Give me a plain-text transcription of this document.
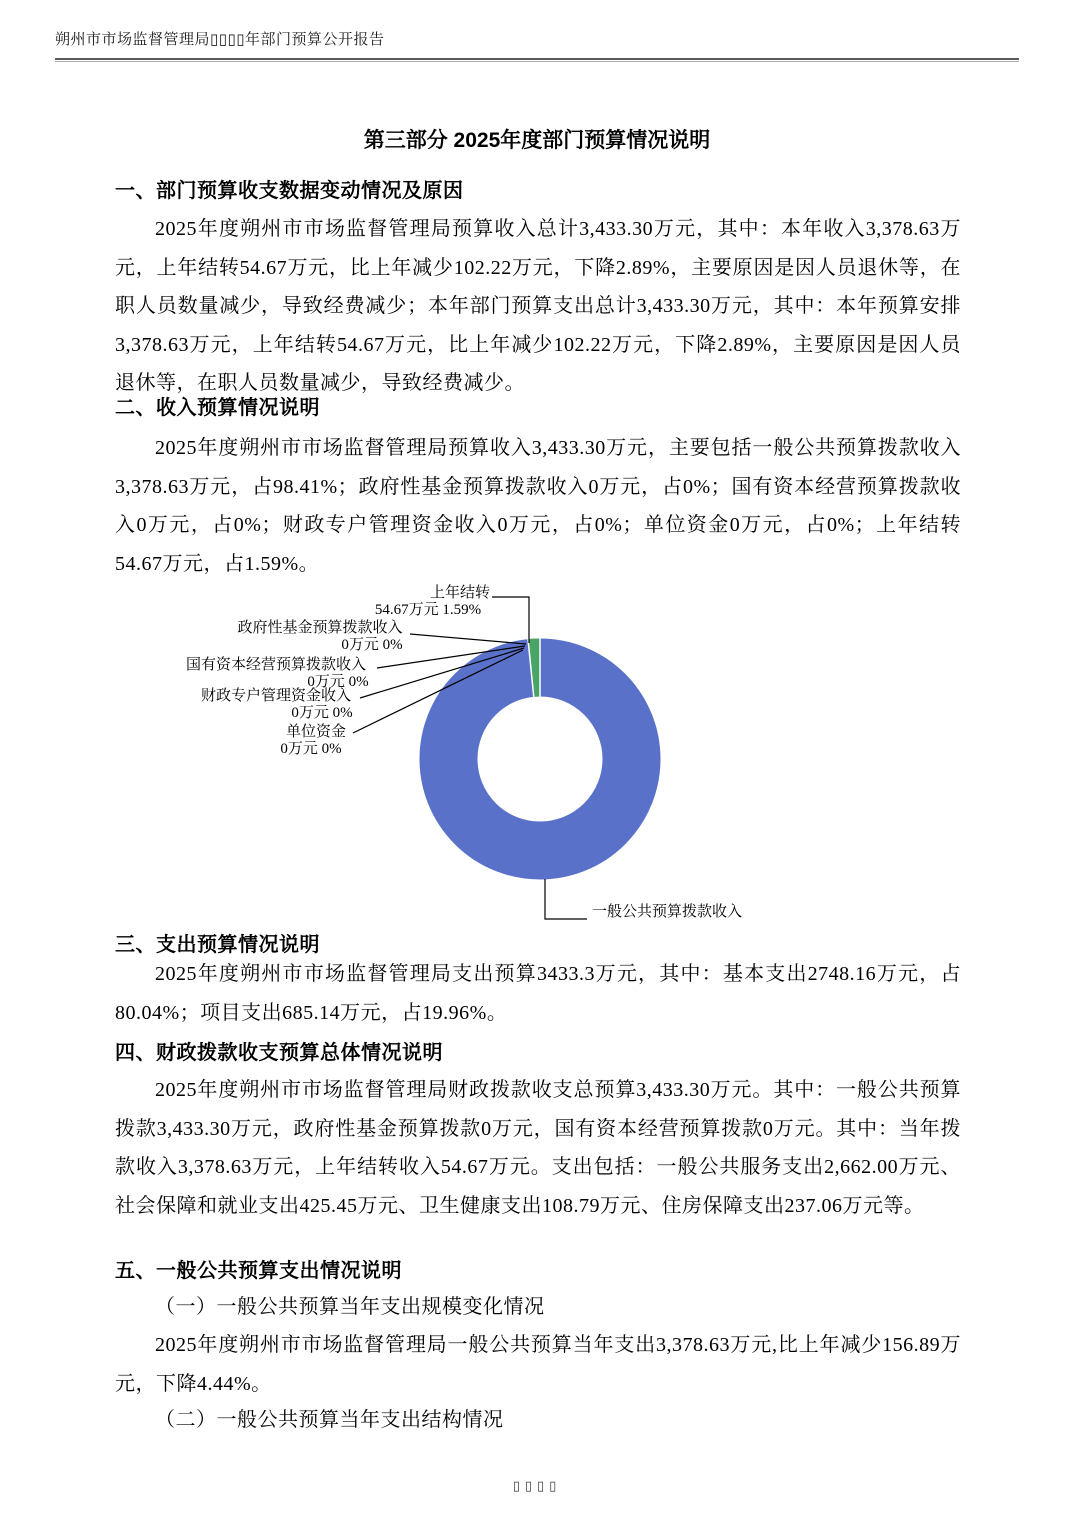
朔州市市场监督管理局▯▯▯▯年部门预算公开报告
第三部分 2025年度部门预算情况说明
一、部门预算收支数据变动情况及原因
2025年度朔州市市场监督管理局预算收入总计3,433.30万元，其中：本年收入3,378.63万元，上年结转54.67万元，比上年减少102.22万元，下降2.89%，主要原因是因人员退休等，在职人员数量减少，导致经费减少；本年部门预算支出总计3,433.30万元，其中：本年预算安排3,378.63万元，上年结转54.67万元，比上年减少102.22万元，下降2.89%，主要原因是因人员退休等，在职人员数量减少，导致经费减少。
二、收入预算情况说明
2025年度朔州市市场监督管理局预算收入3,433.30万元，主要包括一般公共预算拨款收入3,378.63万元，占98.41%；政府性基金预算拨款收入0万元，占0%；国有资本经营预算拨款收入0万元，占0%；财政专户管理资金收入0万元，占0%；单位资金0万元，占0%；上年结转54.67万元，占1.59%。
上年结转
54.67万元 1.59%
政府性基金预算拨款收入
0万元 0%
国有资本经营预算拨款收入
0万元 0%
财政专户管理资金收入
0万元 0%
单位资金
0万元 0%
一般公共预算拨款收入
三、支出预算情况说明
2025年度朔州市市场监督管理局支出预算3433.3万元，其中：基本支出2748.16万元，占80.04%；项目支出685.14万元，占19.96%。
四、财政拨款收支预算总体情况说明
2025年度朔州市市场监督管理局财政拨款收支总预算3,433.30万元。其中：一般公共预算拨款3,433.30万元，政府性基金预算拨款0万元，国有资本经营预算拨款0万元。其中：当年拨款收入3,378.63万元，上年结转收入54.67万元。支出包括：一般公共服务支出2,662.00万元、社会保障和就业支出425.45万元、卫生健康支出108.79万元、住房保障支出237.06万元等。
五、一般公共预算支出情况说明
（一）一般公共预算当年支出规模变化情况
2025年度朔州市市场监督管理局一般公共预算当年支出3,378.63万元,比上年减少156.89万元，下降4.44%。
（二）一般公共预算当年支出结构情况
▯▯▯▯
